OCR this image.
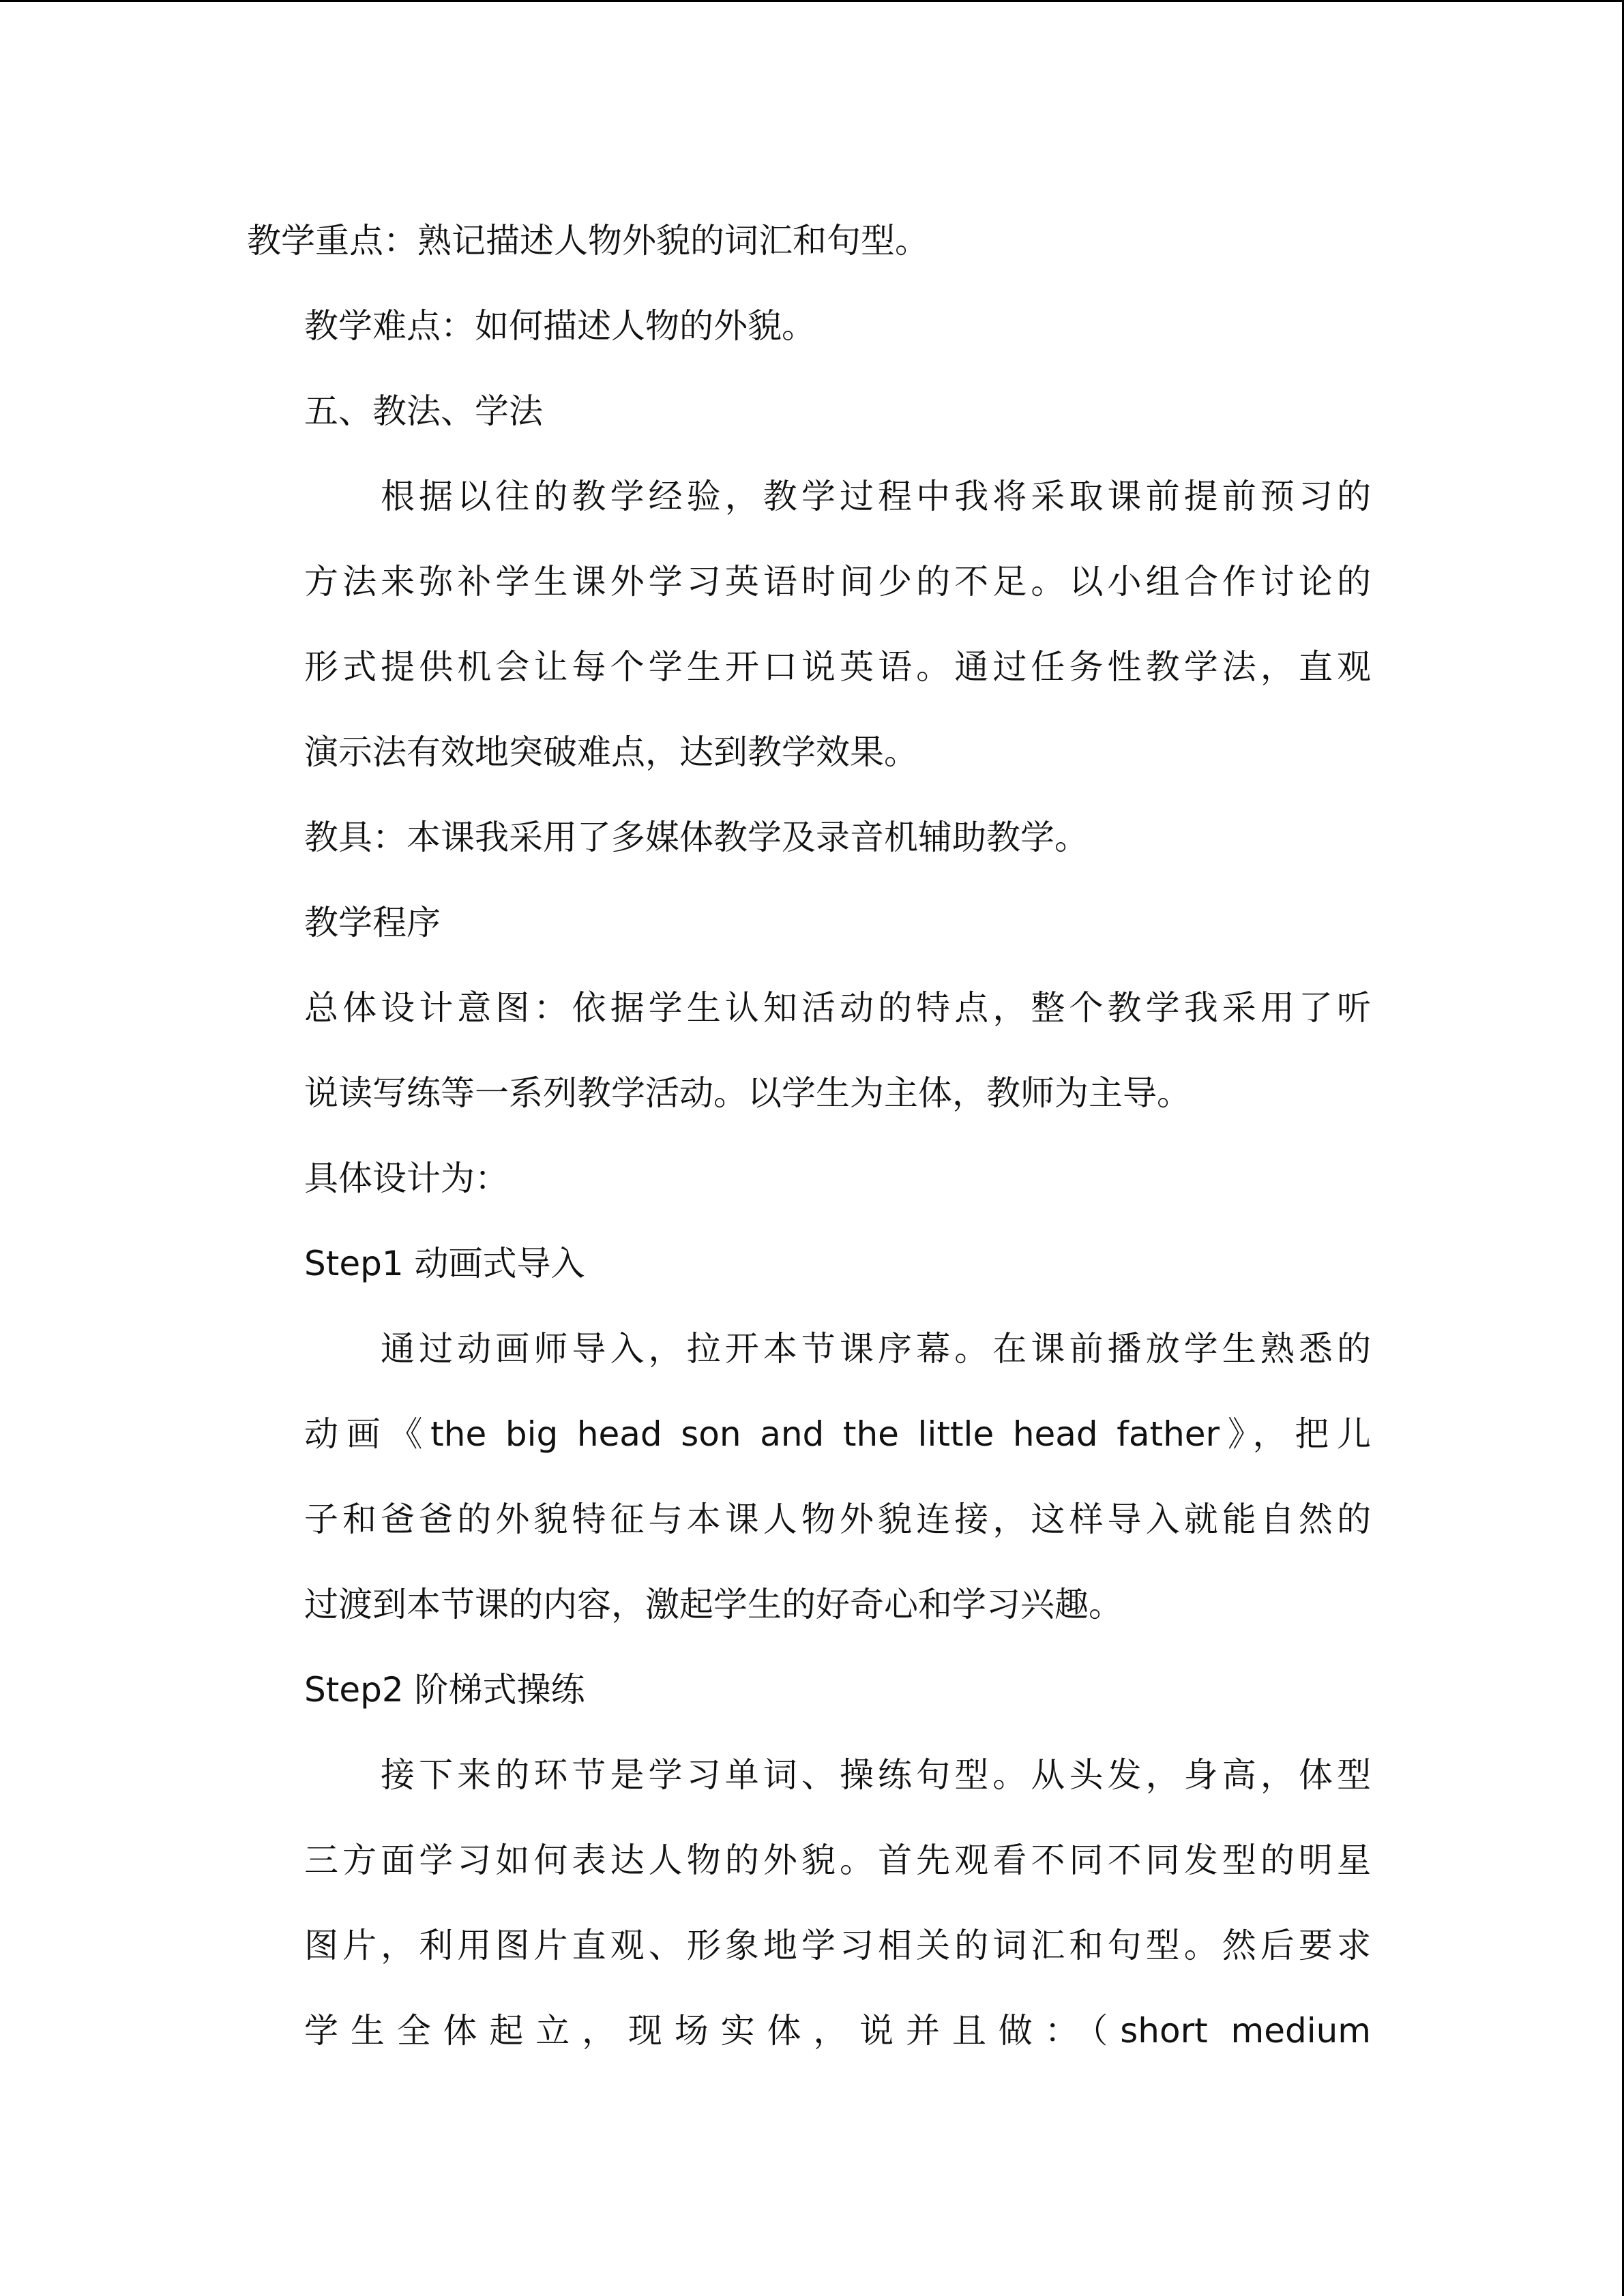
教学重点：熟记描述人物外貌的词汇和句型。
教学难点：如何描述人物的外貌。
五、教法、学法
根据以往的教学经验，教学过程中我将采取课前提前预习的
方法来弥补学生课外学习英语时间少的不足。以小组合作讨论的
形式提供机会让每个学生开口说英语。通过任务性教学法，直观
演示法有效地突破难点，达到教学效果。
教具：本课我采用了多媒体教学及录音机辅助教学。
教学程序
总体设计意图：依据学生认知活动的特点，整个教学我采用了听
说读写练等一系列教学活动。以学生为主体，教师为主导。
具体设计为：
Step1 动画式导入
通过动画师导入，拉开本节课序幕。在课前播放学生熟悉的
动画《the big head son and the little head father》，把儿
子和爸爸的外貌特征与本课人物外貌连接，这样导入就能自然的
过渡到本节课的内容，激起学生的好奇心和学习兴趣。
Step2 阶梯式操练
接下来的环节是学习单词、操练句型。从头发，身高，体型
三方面学习如何表达人物的外貌。首先观看不同不同发型的明星
图片，利用图片直观、形象地学习相关的词汇和句型。然后要求
学生全体起立，现场实体，说并且做：（short medium
